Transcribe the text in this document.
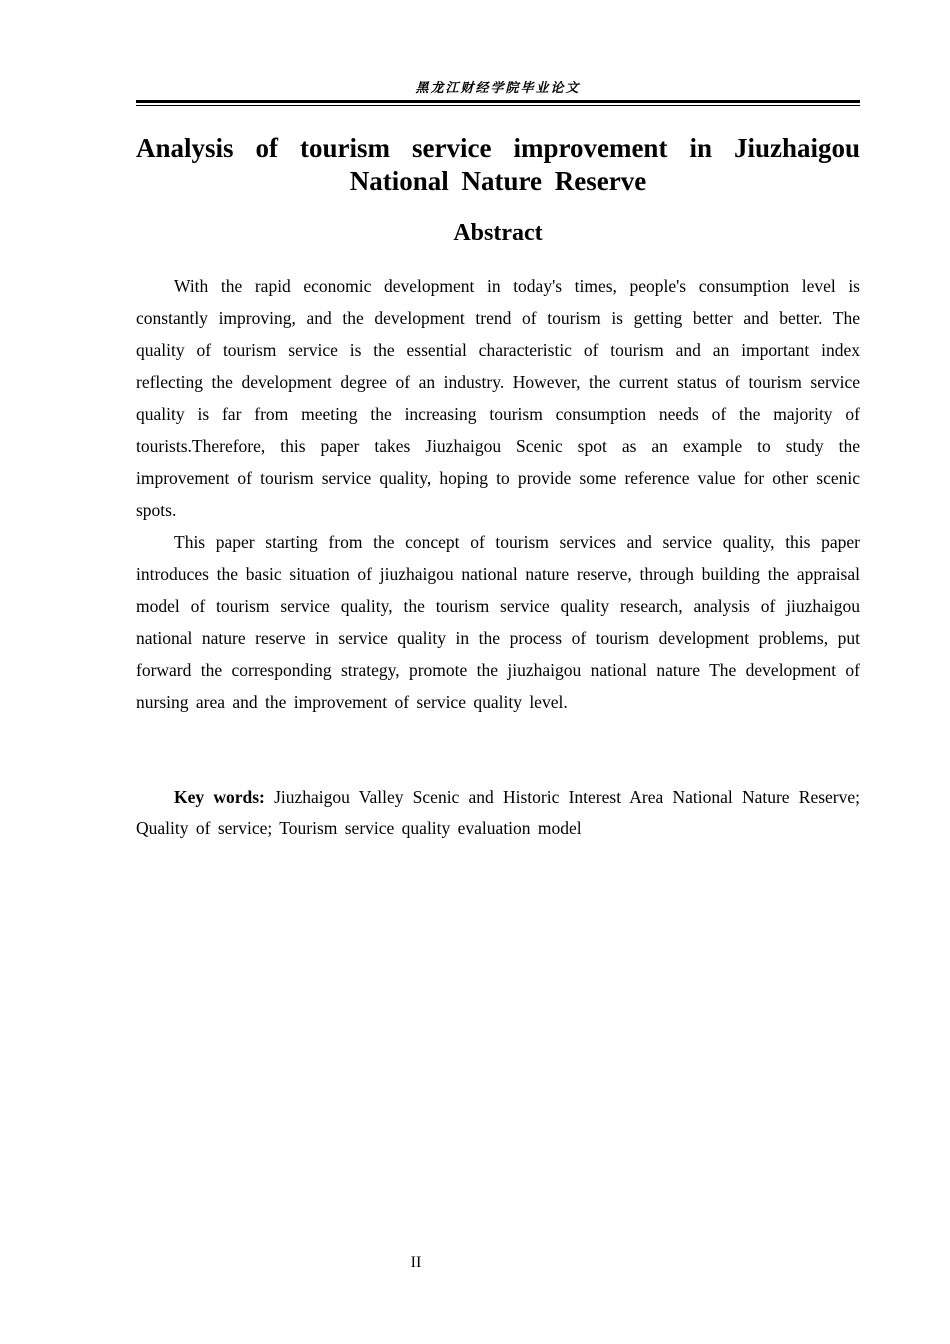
黑龙江财经学院毕业论文
Analysis of tourism service improvement in Jiuzhaigou National Nature Reserve
Abstract

With the rapid economic development in today's times, people's consumption level is constantly improving, and the development trend of tourism is getting better and better. The quality of tourism service is the essential characteristic of tourism and an important index reflecting the development degree of an industry. However, the current status of tourism service quality is far from meeting the increasing tourism consumption needs of the majority of tourists.Therefore, this paper takes Jiuzhaigou Scenic spot as an example to study the improvement of tourism service quality, hoping to provide some reference value for other scenic spots.

This paper starting from the concept of tourism services and service quality, this paper introduces the basic situation of jiuzhaigou national nature reserve, through building the appraisal model of tourism service quality, the tourism service quality research, analysis of jiuzhaigou national nature reserve in service quality in the process of tourism development problems, put forward the corresponding strategy, promote the jiuzhaigou national nature The development of nursing area and the improvement of service quality level.

Key words: Jiuzhaigou Valley Scenic and Historic Interest Area National Nature Reserve; Quality of service; Tourism service quality evaluation model

II
